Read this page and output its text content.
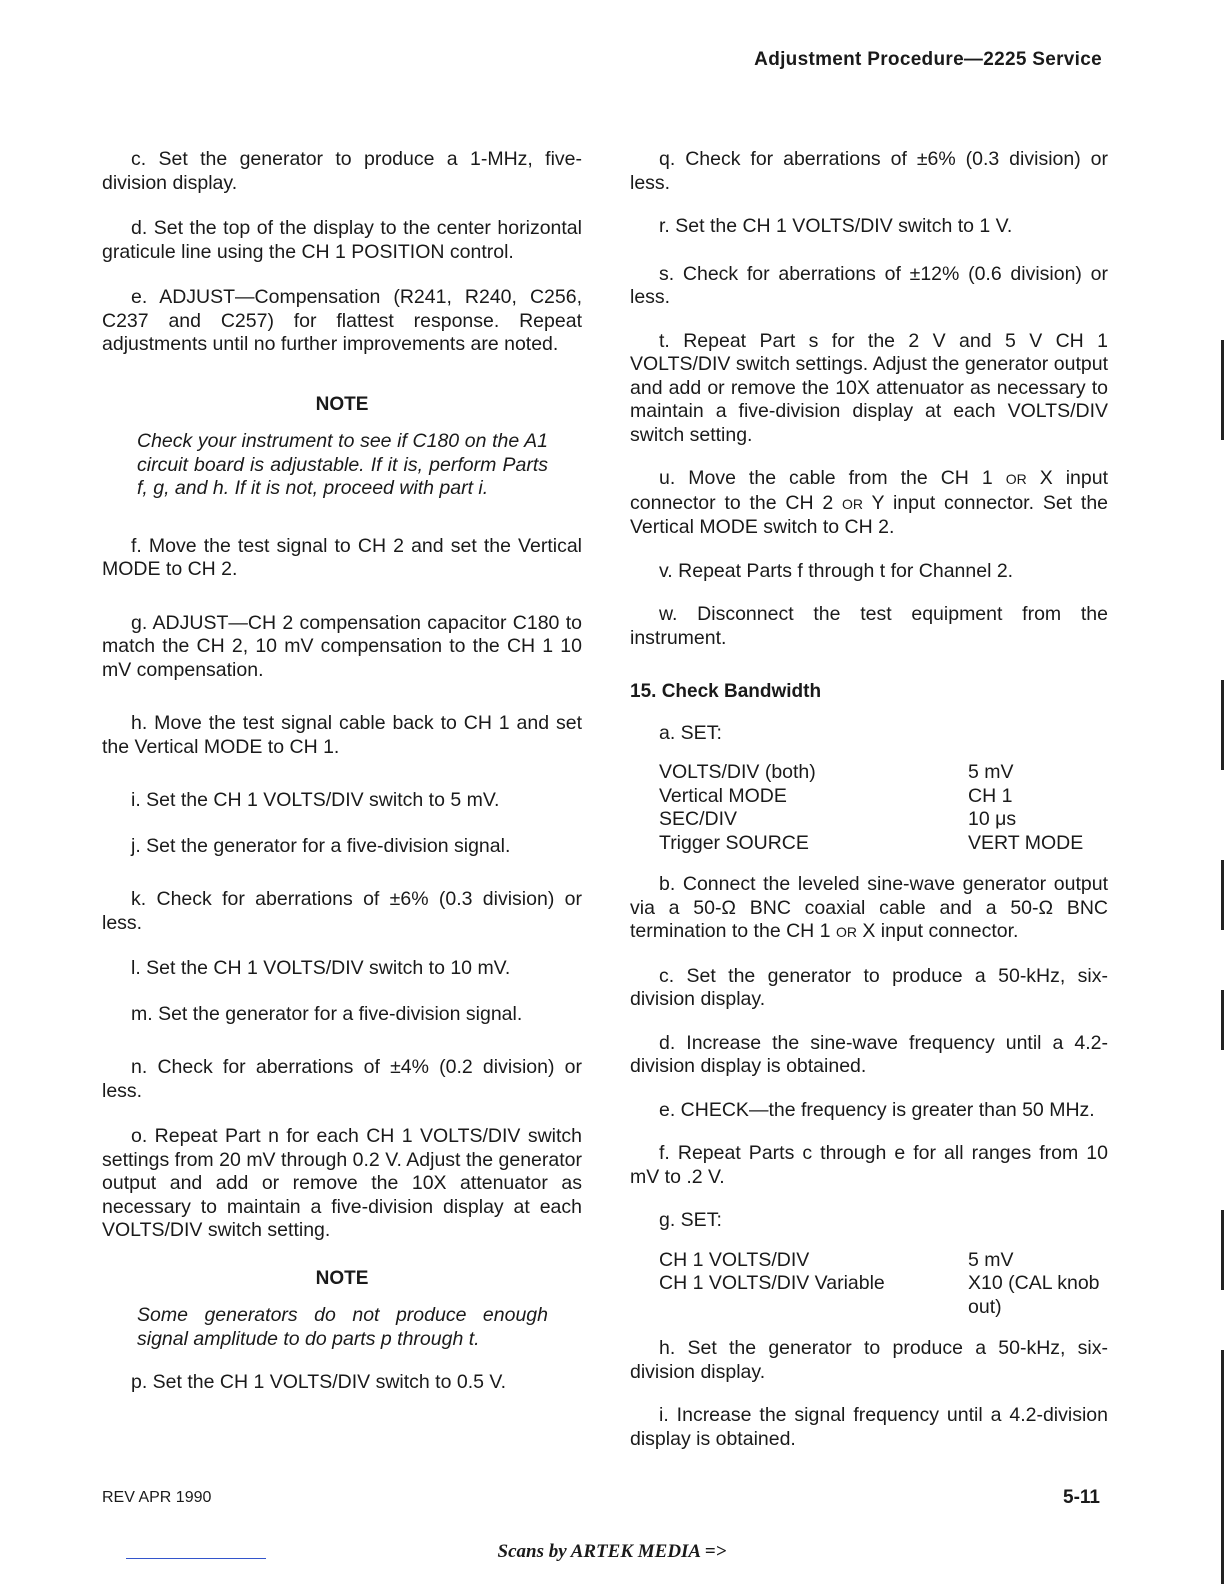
Adjustment Procedure—2225 Service

c. Set the generator to produce a 1-MHz, five-division display.

d. Set the top of the display to the center horizontal graticule line using the CH 1 POSITION control.

e. ADJUST—Compensation (R241, R240, C256, C237 and C257) for flattest response. Repeat adjustments until no further improvements are noted.

NOTE
Check your instrument to see if C180 on the A1 circuit board is adjustable. If it is, perform Parts f, g, and h. If it is not, proceed with part i.

f. Move the test signal to CH 2 and set the Vertical MODE to CH 2.

g. ADJUST—CH 2 compensation capacitor C180 to match the CH 2, 10 mV compensation to the CH 1 10 mV compensation.

h. Move the test signal cable back to CH 1 and set the Vertical MODE to CH 1.

i. Set the CH 1 VOLTS/DIV switch to 5 mV.

j. Set the generator for a five-division signal.

k. Check for aberrations of ±6% (0.3 division) or less.

l. Set the CH 1 VOLTS/DIV switch to 10 mV.

m. Set the generator for a five-division signal.

n. Check for aberrations of ±4% (0.2 division) or less.

o. Repeat Part n for each CH 1 VOLTS/DIV switch settings from 20 mV through 0.2 V. Adjust the generator output and add or remove the 10X attenuator as necessary to maintain a five-division display at each VOLTS/DIV switch setting.

NOTE
Some generators do not produce enough signal amplitude to do parts p through t.

p. Set the CH 1 VOLTS/DIV switch to 0.5 V.

q. Check for aberrations of ±6% (0.3 division) or less.

r. Set the CH 1 VOLTS/DIV switch to 1 V.

s. Check for aberrations of ±12% (0.6 division) or less.

t. Repeat Part s for the 2 V and 5 V CH 1 VOLTS/DIV switch settings. Adjust the generator output and add or remove the 10X attenuator as necessary to maintain a five-division display at each VOLTS/DIV switch setting.

u. Move the cable from the CH 1 OR X input connector to the CH 2 OR Y input connector. Set the Vertical MODE switch to CH 2.

v. Repeat Parts f through t for Channel 2.

w. Disconnect the test equipment from the instrument.

15. Check Bandwidth
a. SET:
VOLTS/DIV (both)	5 mV
Vertical MODE	CH 1
SEC/DIV	10 μs
Trigger SOURCE	VERT MODE

b. Connect the leveled sine-wave generator output via a 50-Ω BNC coaxial cable and a 50-Ω BNC termination to the CH 1 OR X input connector.

c. Set the generator to produce a 50-kHz, six-division display.

d. Increase the sine-wave frequency until a 4.2-division display is obtained.

e. CHECK—the frequency is greater than 50 MHz.

f. Repeat Parts c through e for all ranges from 10 mV to .2 V.

g. SET:
CH 1 VOLTS/DIV	5 mV
CH 1 VOLTS/DIV Variable	X10 (CAL knob out)

h. Set the generator to produce a 50-kHz, six-division display.

i. Increase the signal frequency until a 4.2-division display is obtained.

REV APR 1990	5-11
Scans by ARTEK MEDIA =>
